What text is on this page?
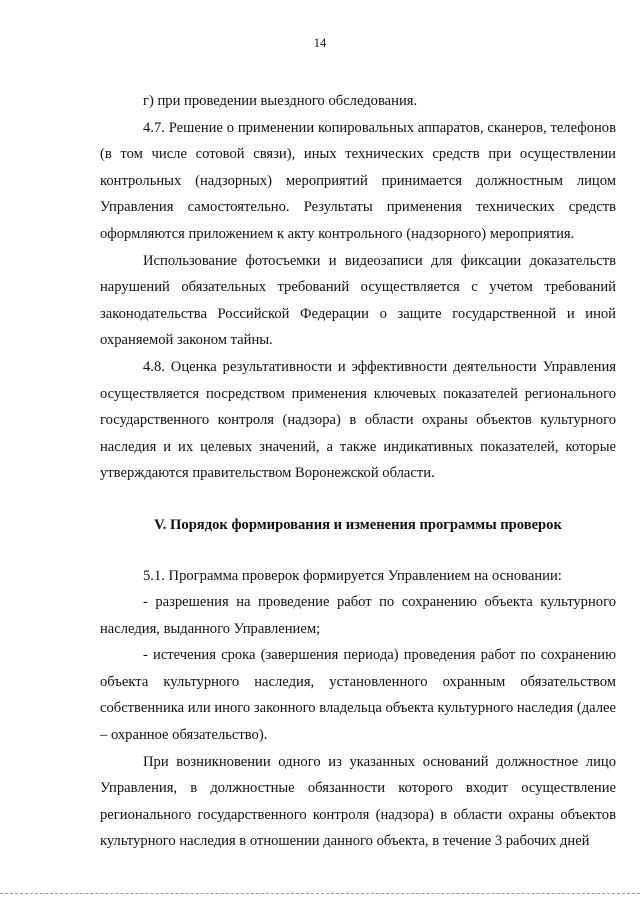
14

г) при проведении выездного обследования.

4.7. Решение о применении копировальных аппаратов, сканеров, телефонов (в том числе сотовой связи), иных технических средств при осуществлении контрольных (надзорных) мероприятий принимается должностным лицом Управления самостоятельно. Результаты применения технических средств оформляются приложением к акту контрольного (надзорного) мероприятия.

Использование фотосъемки и видеозаписи для фиксации доказательств нарушений обязательных требований осуществляется с учетом требований законодательства Российской Федерации о защите государственной и иной охраняемой законом тайны.

4.8. Оценка результативности и эффективности деятельности Управления осуществляется посредством применения ключевых показателей регионального государственного контроля (надзора) в области охраны объектов культурного наследия и их целевых значений, а также индикативных показателей, которые утверждаются правительством Воронежской области.

V. Порядок формирования и изменения программы проверок

5.1. Программа проверок формируется Управлением на основании:

- разрешения на проведение работ по сохранению объекта культурного наследия, выданного Управлением;

- истечения срока (завершения периода) проведения работ по сохранению объекта культурного наследия, установленного охранным обязательством собственника или иного законного владельца объекта культурного наследия (далее – охранное обязательство).

При возникновении одного из указанных оснований должностное лицо Управления, в должностные обязанности которого входит осуществление регионального государственного контроля (надзора) в области охраны объектов культурного наследия в отношении данного объекта, в течение 3 рабочих дней
